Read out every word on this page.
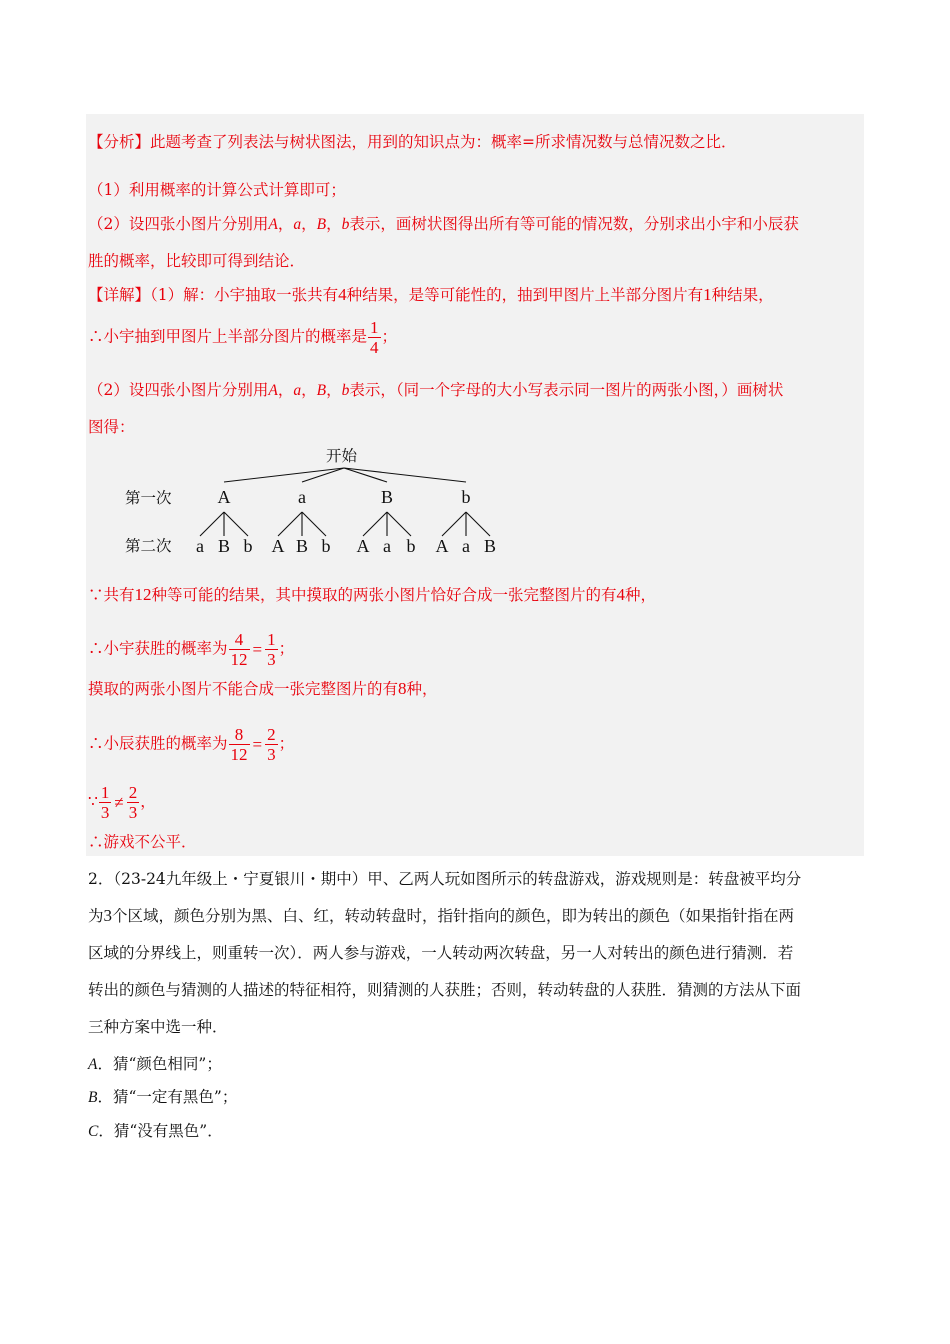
【分析】此题考查了列表法与树状图法，用到的知识点为：概率=所求情况数与总情况数之比．
（1）利用概率的计算公式计算即可；
（2）设四张小图片分别用A，a，B，b表示，画树状图得出所有等可能的情况数，分别求出小宇和小辰获
胜的概率，比较即可得到结论．
【详解】（1）解：小宇抽取一张共有4种结果，是等可能性的，抽到甲图片上半部分图片有1种结果，
∴小宇抽到甲图片上半部分图片的概率是 $\frac{1}{4}$ ；
（2）设四张小图片分别用A，a，B，b表示，（同一个字母的大小写表示同一图片的两张小图，）画树状
图得：
开始
第一次
第二次
A
a B b
a
A B b
B
A a b
b
A a B
∵共有12种等可能的结果，其中摸取的两张小图片恰好合成一张完整图片的有4种，
∴小宇获胜的概率为 $\frac{4}{12} = \frac{1}{3}$ ；
摸取的两张小图片不能合成一张完整图片的有8种，
∴小辰获胜的概率为 $\frac{8}{12} = \frac{2}{3}$ ；
∵ $\frac{1}{3} \ne \frac{2}{3}$ ，
∴游戏不公平．
2．（23-24九年级上・宁夏银川・期中）甲、乙两人玩如图所示的转盘游戏，游戏规则是：转盘被平均分
为3个区域，颜色分别为黑、白、红，转动转盘时，指针指向的颜色，即为转出的颜色（如果指针指在两
区域的分界线上，则重转一次）．两人参与游戏，一人转动两次转盘，另一人对转出的颜色进行猜测．若
转出的颜色与猜测的人描述的特征相符，则猜测的人获胜；否则，转动转盘的人获胜．猜测的方法从下面
三种方案中选一种．
A．猜“颜色相同”；
B．猜“一定有黑色”；
C．猜“没有黑色”．
